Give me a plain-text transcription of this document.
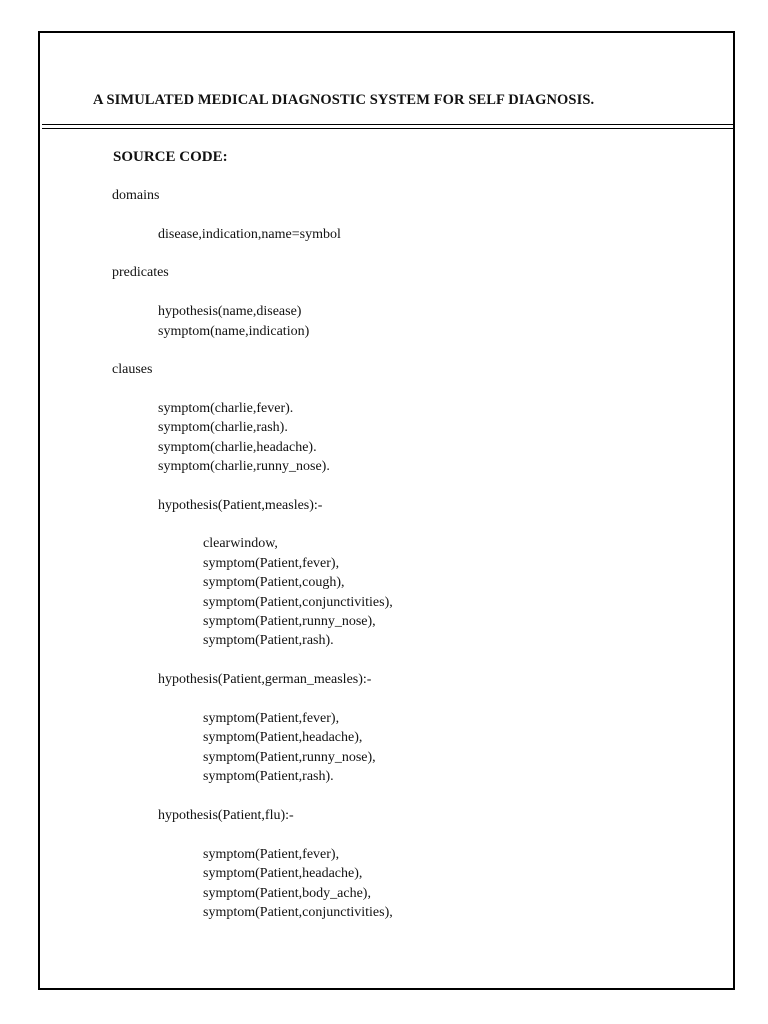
A SIMULATED MEDICAL DIAGNOSTIC SYSTEM FOR SELF DIAGNOSIS.
SOURCE CODE:
domains
disease,indication,name=symbol
predicates
hypothesis(name,disease)
symptom(name,indication)
clauses
symptom(charlie,fever).
symptom(charlie,rash).
symptom(charlie,headache).
symptom(charlie,runny_nose).
hypothesis(Patient,measles):-
clearwindow,
symptom(Patient,fever),
symptom(Patient,cough),
symptom(Patient,conjunctivities),
symptom(Patient,runny_nose),
symptom(Patient,rash).
hypothesis(Patient,german_measles):-
symptom(Patient,fever),
symptom(Patient,headache),
symptom(Patient,runny_nose),
symptom(Patient,rash).
hypothesis(Patient,flu):-
symptom(Patient,fever),
symptom(Patient,headache),
symptom(Patient,body_ache),
symptom(Patient,conjunctivities),
